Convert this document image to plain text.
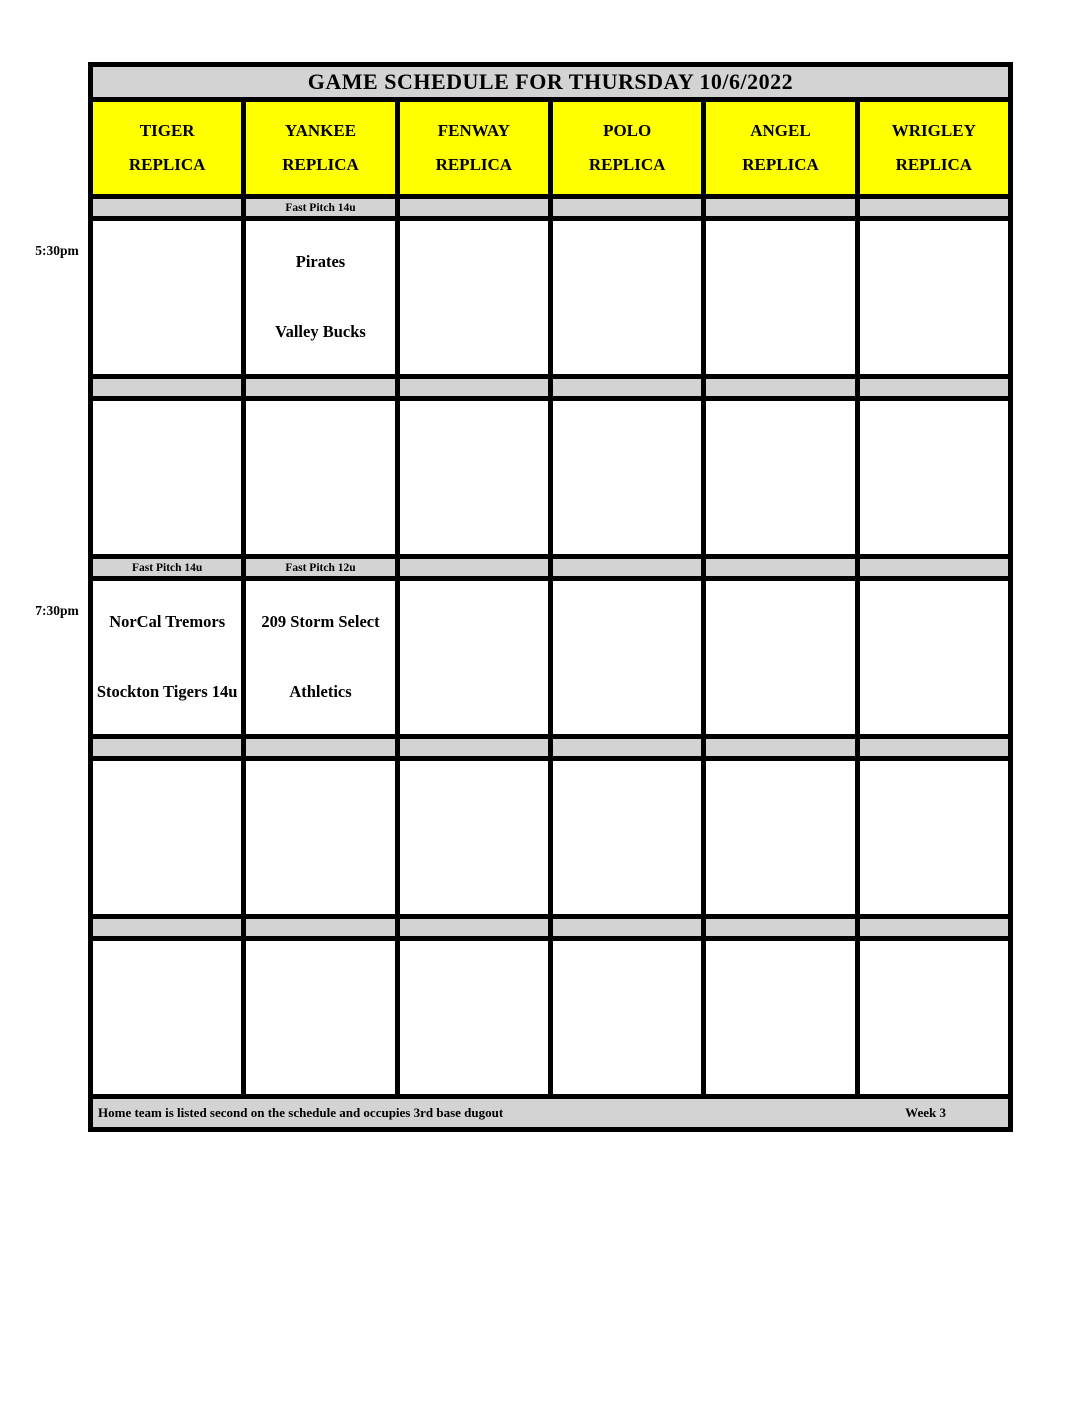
5:30pm
7:30pm
GAME SCHEDULE FOR THURSDAY 10/6/2022
TIGER
REPLICA
YANKEE
REPLICA
FENWAY
REPLICA
POLO
REPLICA
ANGEL
REPLICA
WRIGLEY
REPLICA
Fast Pitch 14u
Pirates
Valley Bucks
Fast Pitch 14u	Fast Pitch 12u
NorCal Tremors
Stockton Tigers 14u
209 Storm Select
Athletics
Home team is listed second on the schedule and occupies 3rd base dugout	Week 3
